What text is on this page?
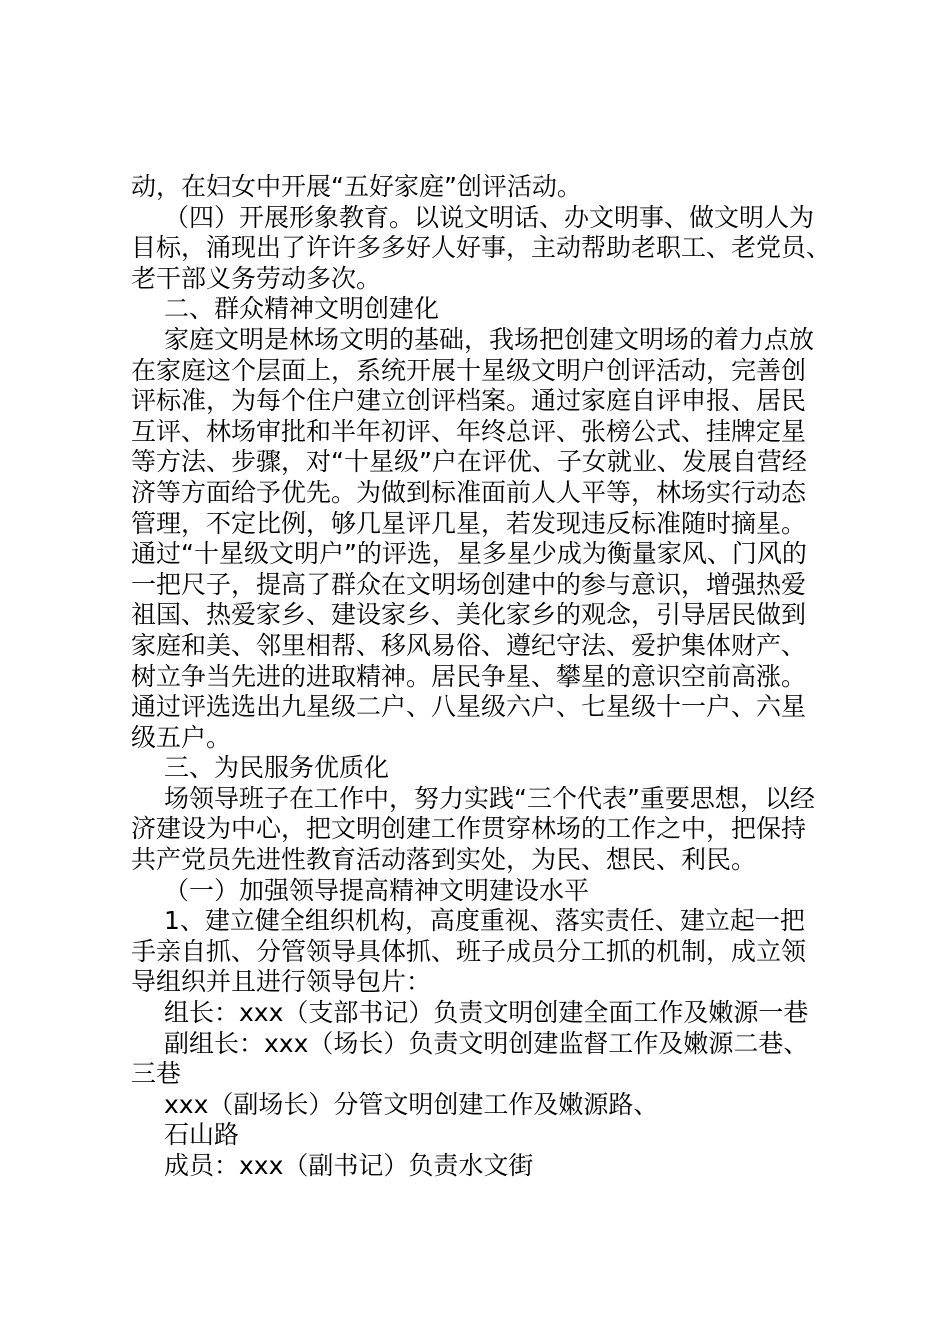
动，在妇女中开展“五好家庭”创评活动。
（四）开展形象教育。以说文明话、办文明事、做文明人为
目标，涌现出了许许多多好人好事，主动帮助老职工、老党员、
老干部义务劳动多次。
二、群众精神文明创建化
家庭文明是林场文明的基础，我场把创建文明场的着力点放
在家庭这个层面上，系统开展十星级文明户创评活动，完善创
评标准，为每个住户建立创评档案。通过家庭自评申报、居民
互评、林场审批和半年初评、年终总评、张榜公式、挂牌定星
等方法、步骤，对“十星级”户在评优、子女就业、发展自营经
济等方面给予优先。为做到标准面前人人平等，林场实行动态
管理，不定比例，够几星评几星，若发现违反标准随时摘星。
通过“十星级文明户”的评选，星多星少成为衡量家风、门风的
一把尺子，提高了群众在文明场创建中的参与意识，增强热爱
祖国、热爱家乡、建设家乡、美化家乡的观念，引导居民做到
家庭和美、邻里相帮、移风易俗、遵纪守法、爱护集体财产、
树立争当先进的进取精神。居民争星、攀星的意识空前高涨。
通过评选选出九星级二户、八星级六户、七星级十一户、六星
级五户。
三、为民服务优质化
场领导班子在工作中，努力实践“三个代表”重要思想，以经
济建设为中心，把文明创建工作贯穿林场的工作之中，把保持
共产党员先进性教育活动落到实处，为民、想民、利民。
（一）加强领导提高精神文明建设水平
1、建立健全组织机构，高度重视、落实责任、建立起一把
手亲自抓、分管领导具体抓、班子成员分工抓的机制，成立领
导组织并且进行领导包片：
组长：xxx（支部书记）负责文明创建全面工作及嫩源一巷
副组长：xxx（场长）负责文明创建监督工作及嫩源二巷、
三巷
xxx（副场长）分管文明创建工作及嫩源路、
石山路
成员：xxx（副书记）负责水文街
